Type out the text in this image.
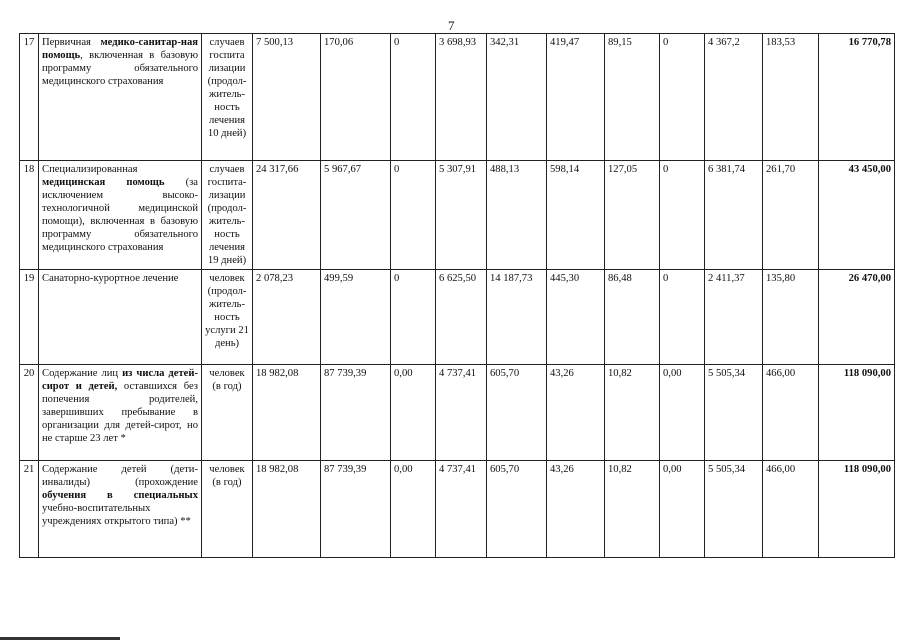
7
17	Первичная медико-санитар-ная помощь, включенная в базовую программу обязательного медицинского страхования	случаев госпита лизации (продол-житель-ность лечения 10 дней)	7 500,13	170,06	0	3 698,93	342,31	419,47	89,15	0	4 367,2	183,53	16 770,78
18	Специализированная медицинская помощь (за исключением высоко-технологичной медицинской помощи), включенная в базовую программу обязательного медицинского страхования	случаев госпита-лизации (продол-житель-ность лечения 19 дней)	24 317,66	5 967,67	0	5 307,91	488,13	598,14	127,05	0	6 381,74	261,70	43 450,00
19	Санаторно-курортное лечение	человек (продол-житель-ность услуги 21 день)	2 078,23	499,59	0	6 625,50	14 187,73	445,30	86,48	0	2 411,37	135,80	26 470,00
20	Содержание лиц из числа детей-сирот и детей, оставшихся без попечения родителей, завершивших пребывание в организации для детей-сирот, но не старше 23 лет *	человек (в год)	18 982,08	87 739,39	0,00	4 737,41	605,70	43,26	10,82	0,00	5 505,34	466,00	118 090,00
21	Содержание детей (дети-инвалиды) (прохождение обучения в специальных учебно-воспитательных учреждениях открытого типа) **	человек (в год)	18 982,08	87 739,39	0,00	4 737,41	605,70	43,26	10,82	0,00	5 505,34	466,00	118 090,00
